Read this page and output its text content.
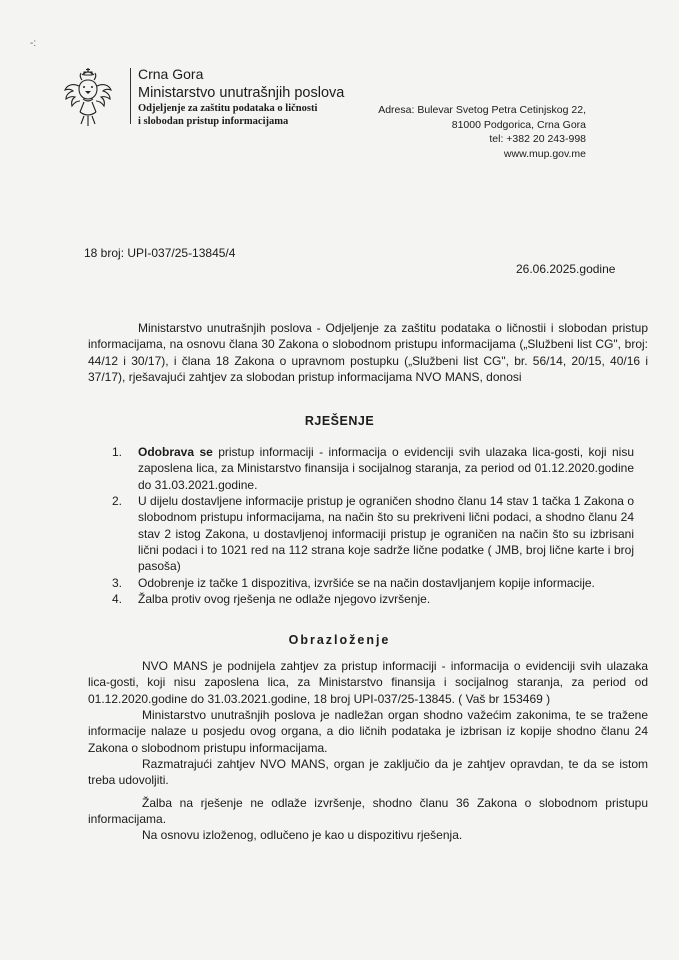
-:
Crna Gora
Ministarstvo unutrašnjih poslova
Odjeljenje za zaštitu podataka o ličnosti
i slobodan pristup informacijama
Adresa: Bulevar Svetog Petra Cetinjskog 22,
81000 Podgorica, Crna Gora
tel: +382 20 243-998
www.mup.gov.me
18 broj: UPI-037/25-13845/4
26.06.2025.godine
Ministarstvo unutrašnjih poslova - Odjeljenje za zaštitu podataka o ličnostii i slobodan pristup informacijama, na osnovu člana 30 Zakona o slobodnom pristupu informacijama („Službeni list CG", broj: 44/12 i 30/17), i člana 18 Zakona o upravnom postupku („Službeni list CG", br. 56/14, 20/15, 40/16 i 37/17), rješavajući zahtjev za slobodan pristup informacijama NVO MANS, donosi
RJEŠENJE
1. Odobrava se pristup informaciji - informacija o evidenciji svih ulazaka lica-gosti, koji nisu zaposlena lica, za Ministarstvo finansija i socijalnog staranja, za period od 01.12.2020.godine do 31.03.2021.godine.
2. U dijelu dostavljene informacije pristup je ograničen shodno članu 14 stav 1 tačka 1 Zakona o slobodnom pristupu informacijama, na način što su prekriveni lični podaci, a shodno članu 24 stav 2 istog Zakona, u dostavljenoj informaciji pristup je ograničen na način što su izbrisani lični podaci i to 1021 red na 112 strana koje sadrže lične podatke ( JMB, broj lične karte i broj pasoša)
3. Odobrenje iz tačke 1 dispozitiva, izvršiće se na način dostavljanjem kopije informacije.
4. Žalba protiv ovog rješenja ne odlaže njegovo izvršenje.
Obrazloženje

NVO MANS je podnijela zahtjev za pristup informaciji - informacija o evidenciji svih ulazaka lica-gosti, koji nisu zaposlena lica, za Ministarstvo finansija i socijalnog staranja, za period od 01.12.2020.godine do 31.03.2021.godine, 18 broj UPI-037/25-13845. ( Vaš br 153469 )

Ministarstvo unutrašnjih poslova je nadležan organ shodno važećim zakonima, te se tražene informacije nalaze u posjedu ovog organa, a dio ličnih podataka je izbrisan iz kopije shodno članu 24 Zakona o slobodnom pristupu informacijama.

Razmatrajući zahtjev NVO MANS, organ je zaključio da je zahtjev opravdan, te da se istom treba udovoljiti.

Žalba na rješenje ne odlaže izvršenje, shodno članu 36 Zakona o slobodnom pristupu informacijama.

Na osnovu izloženog, odlučeno je kao u dispozitivu rješenja.
